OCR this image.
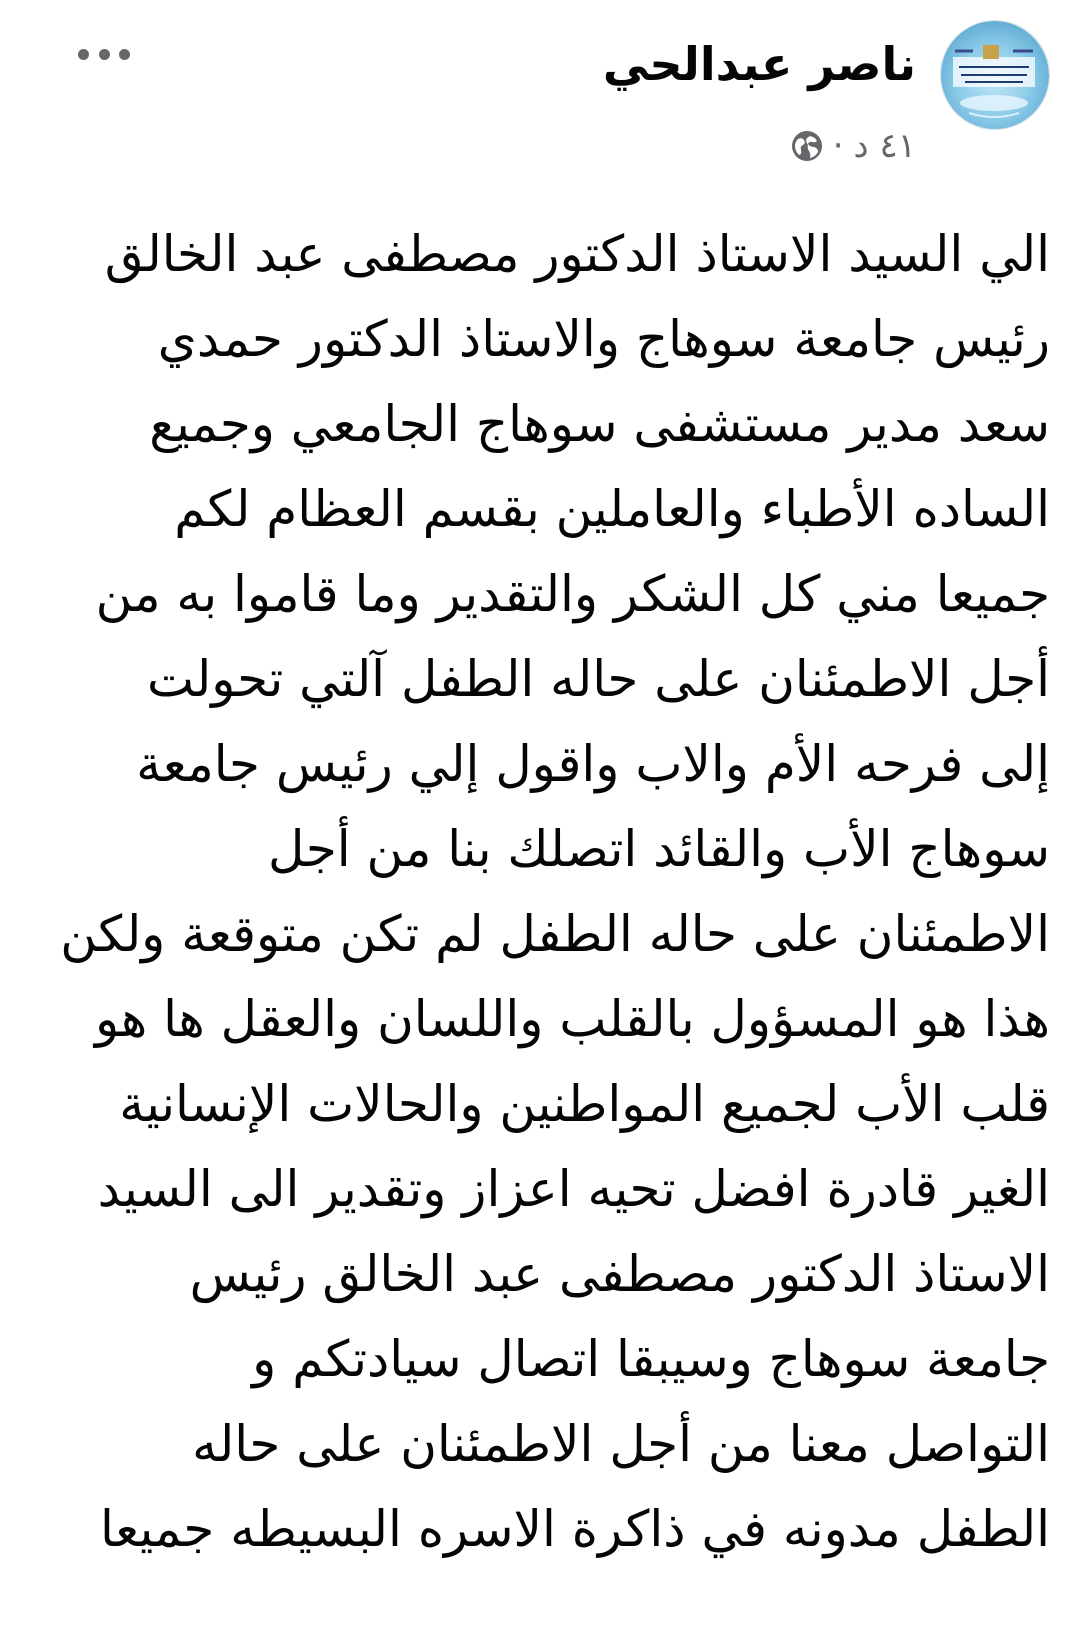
ناصر عبدالحي
٤١ د
·
الي السيد الاستاذ الدكتور مصطفى عبد الخالق
رئيس جامعة سوهاج والاستاذ الدكتور حمدي
سعد مدير مستشفى سوهاج الجامعي وجميع
الساده الأطباء والعاملين بقسم العظام لكم
جميعا مني كل الشكر والتقدير وما قاموا به من
أجل الاطمئنان على حاله الطفل آلتي تحولت
إلى فرحه الأم والاب واقول إلي رئيس جامعة
سوهاج الأب والقائد اتصلك بنا من أجل
الاطمئنان على حاله الطفل لم تكن متوقعة ولكن
هذا هو المسؤول بالقلب واللسان والعقل ها هو
قلب الأب لجميع المواطنين والحالات الإنسانية
الغير قادرة افضل تحيه اعزاز وتقدير الى السيد
الاستاذ الدكتور مصطفى عبد الخالق رئيس
جامعة سوهاج وسيبقا اتصال سيادتكم و
التواصل معنا من أجل الاطمئنان على حاله
الطفل مدونه في ذاكرة الاسره البسيطه جميعا
